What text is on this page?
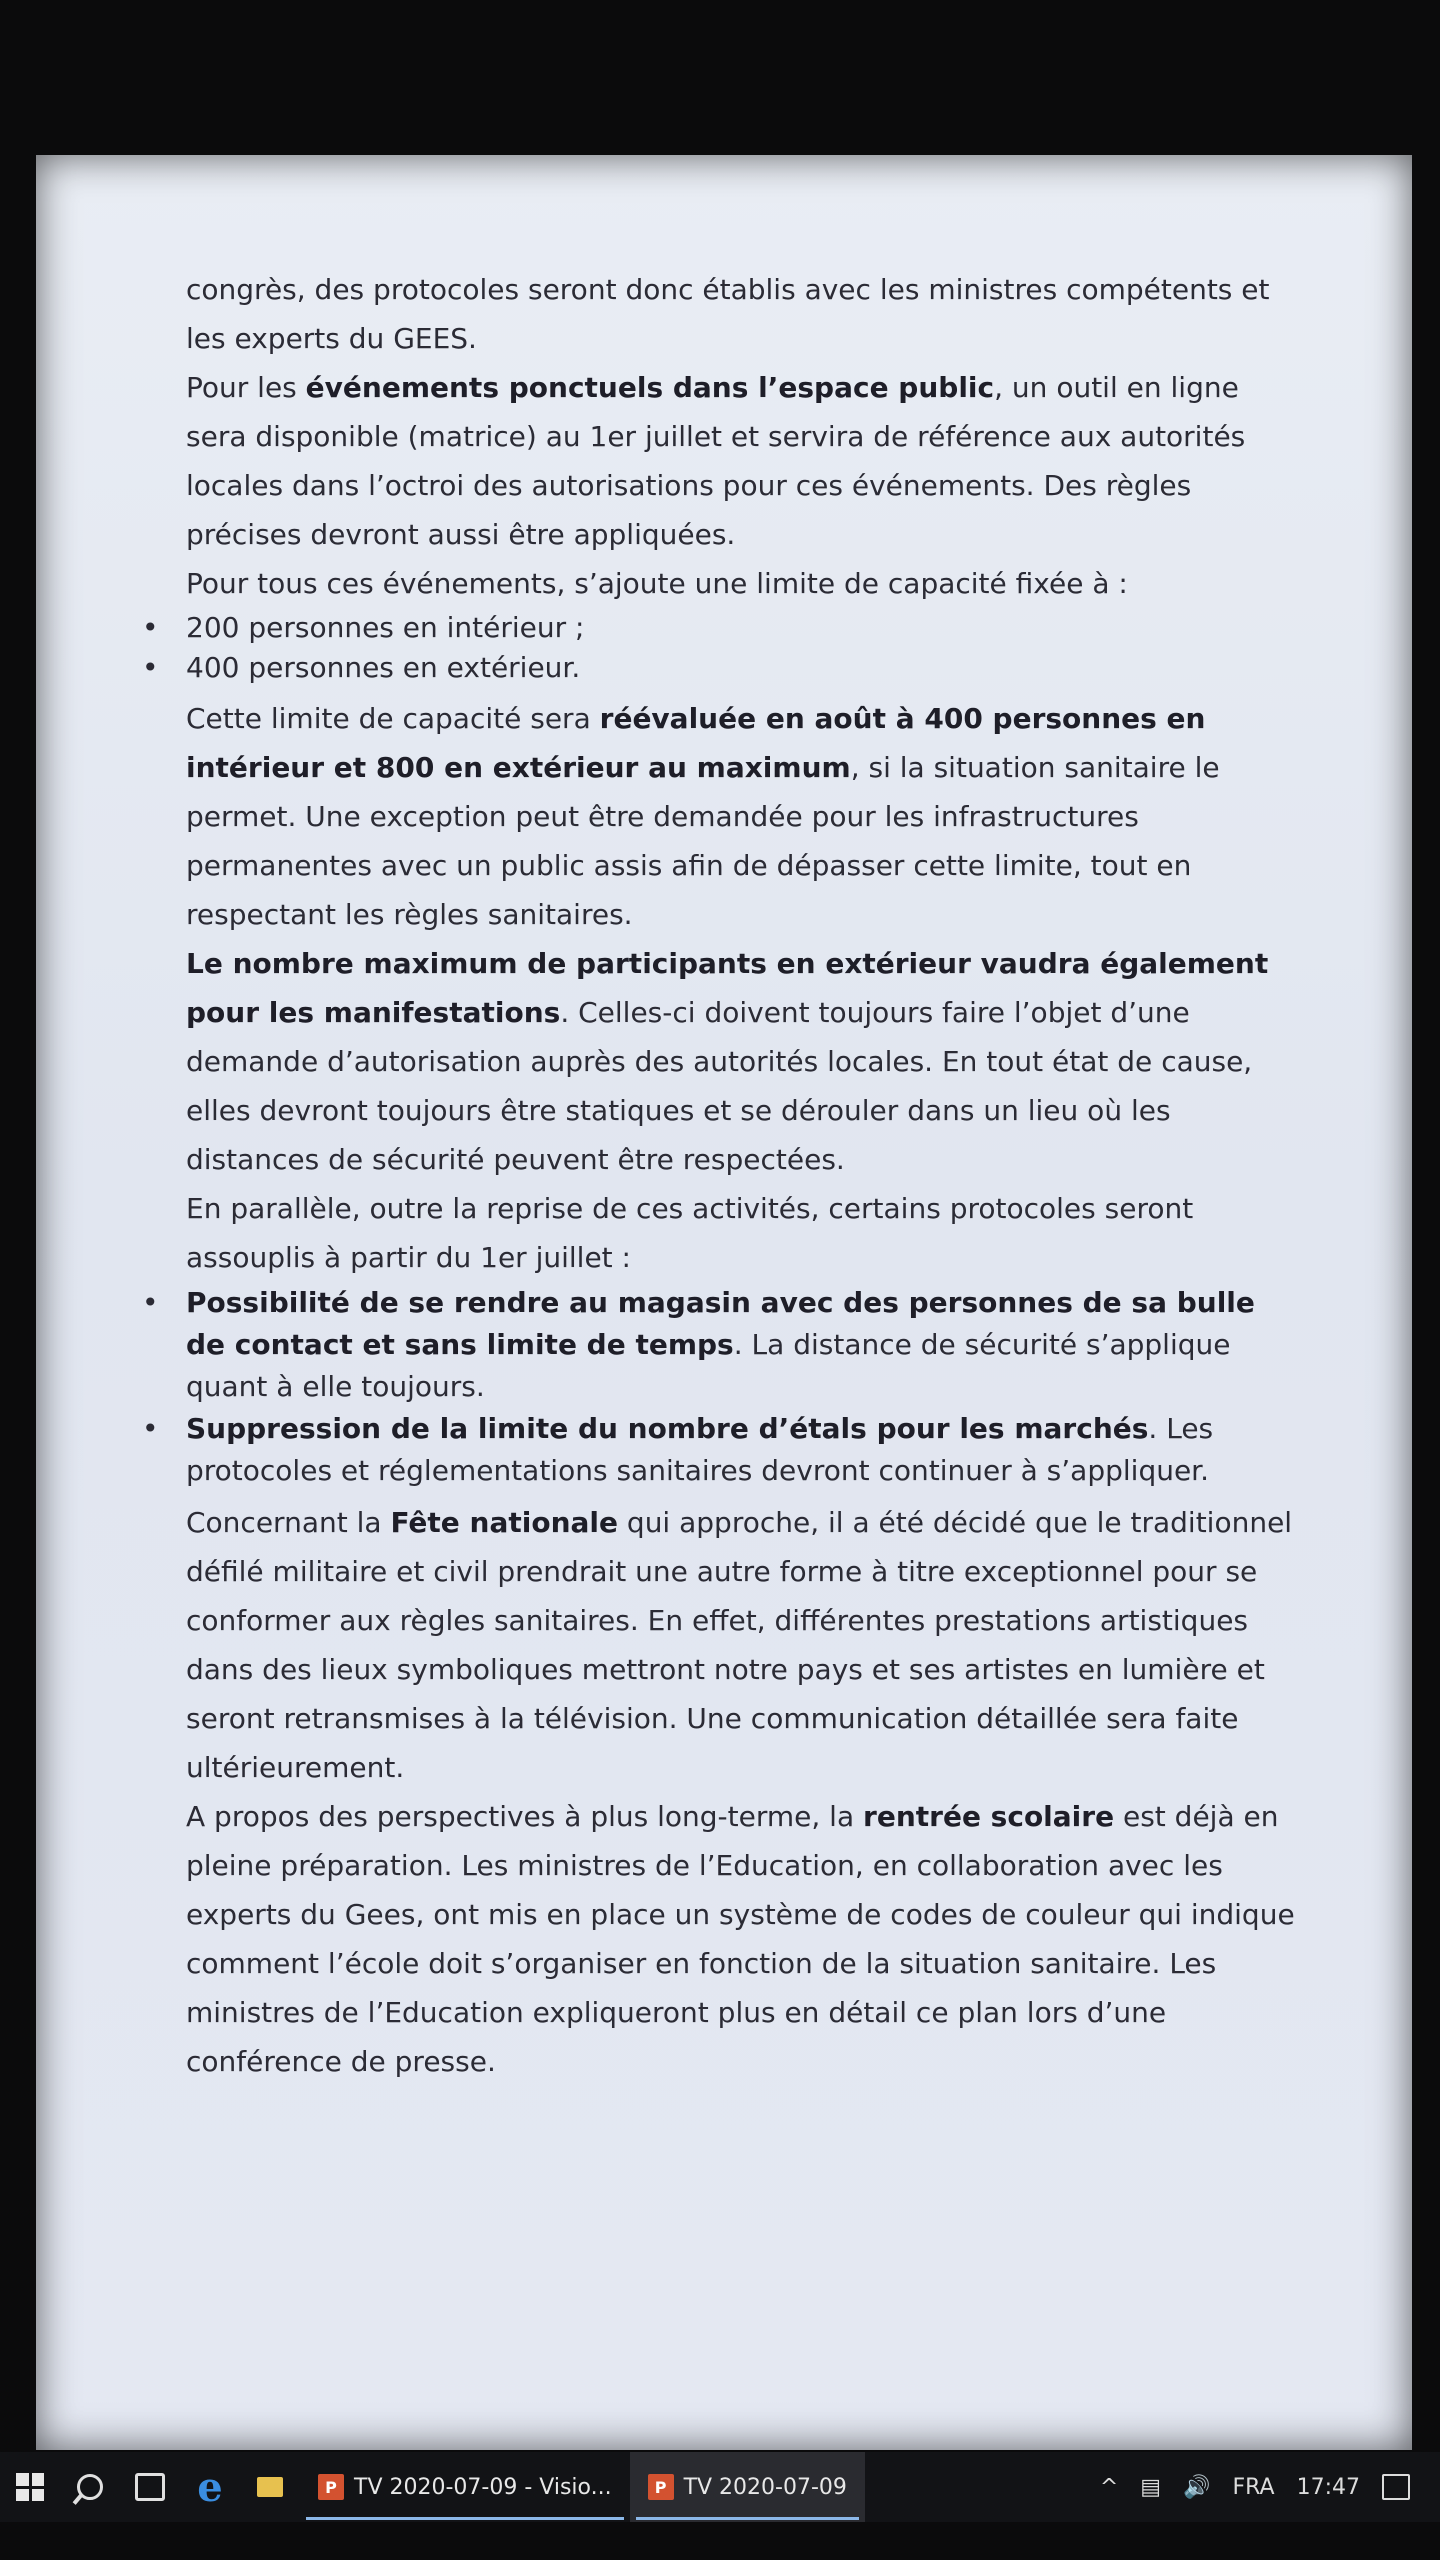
congrès, des protocoles seront donc établis avec les ministres compétents et les experts du GEES.

Pour les événements ponctuels dans l’espace public, un outil en ligne sera disponible (matrice) au 1er juillet et servira de référence aux autorités locales dans l’octroi des autorisations pour ces événements. Des règles précises devront aussi être appliquées.

Pour tous ces événements, s’ajoute une limite de capacité fixée à :

• 200 personnes en intérieur ;
• 400 personnes en extérieur.

Cette limite de capacité sera réévaluée en août à 400 personnes en intérieur et 800 en extérieur au maximum, si la situation sanitaire le permet. Une exception peut être demandée pour les infrastructures permanentes avec un public assis afin de dépasser cette limite, tout en respectant les règles sanitaires.

Le nombre maximum de participants en extérieur vaudra également pour les manifestations. Celles-ci doivent toujours faire l’objet d’une demande d’autorisation auprès des autorités locales. En tout état de cause, elles devront toujours être statiques et se dérouler dans un lieu où les distances de sécurité peuvent être respectées.

En parallèle, outre la reprise de ces activités, certains protocoles seront assouplis à partir du 1er juillet :

• Possibilité de se rendre au magasin avec des personnes de sa bulle de contact et sans limite de temps. La distance de sécurité s’applique quant à elle toujours.
• Suppression de la limite du nombre d’étals pour les marchés. Les protocoles et réglementations sanitaires devront continuer à s’appliquer.

Concernant la Fête nationale qui approche, il a été décidé que le traditionnel défilé militaire et civil prendrait une autre forme à titre exceptionnel pour se conformer aux règles sanitaires. En effet, différentes prestations artistiques dans des lieux symboliques mettront notre pays et ses artistes en lumière et seront retransmises à la télévision. Une communication détaillée sera faite ultérieurement.

A propos des perspectives à plus long-terme, la rentrée scolaire est déjà en pleine préparation. Les ministres de l’Education, en collaboration avec les experts du Gees, ont mis en place un système de codes de couleur qui indique comment l’école doit s’organiser en fonction de la situation sanitaire. Les ministres de l’Education expliqueront plus en détail ce plan lors d’une conférence de presse.

e	P TV 2020-07-09 - Visio...	P TV 2020-07-09	^ ▤ 🔊 FRA 17:47
